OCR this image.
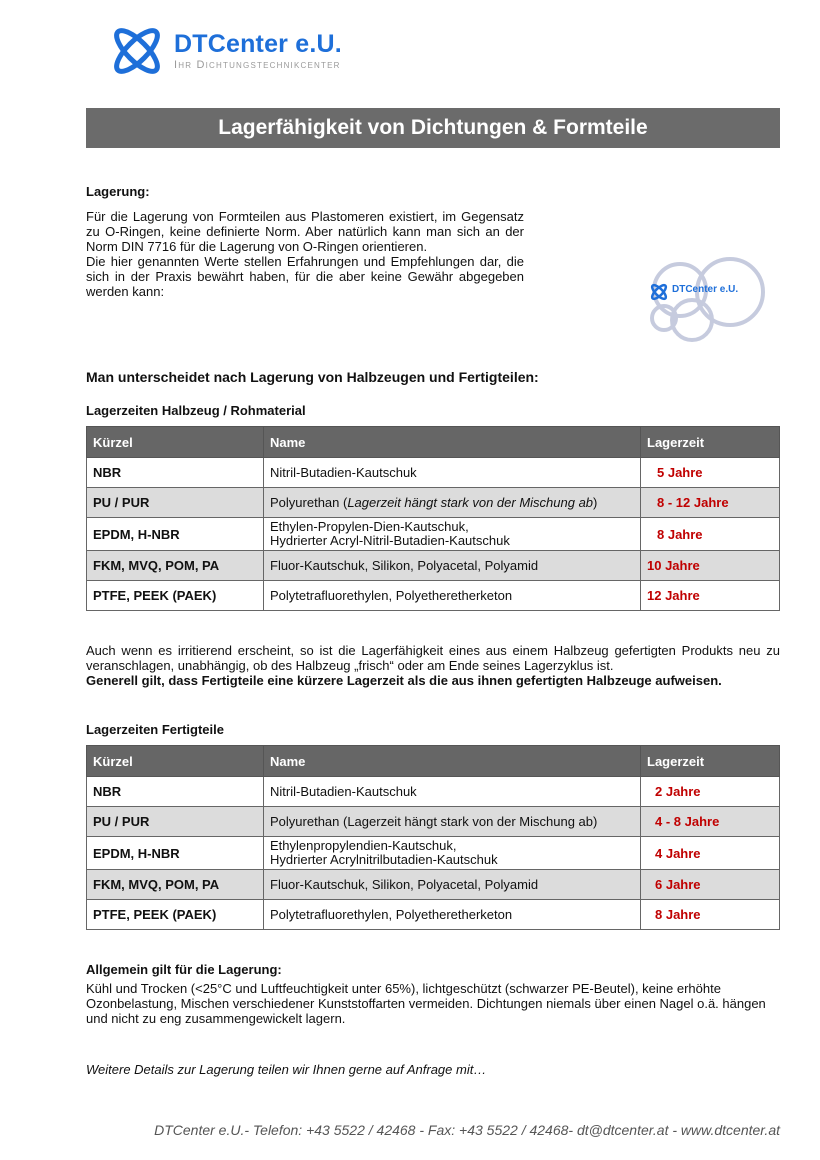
DTCenter e.U.
Ihr Dichtungstechnikcenter
Lagerfähigkeit von Dichtungen & Formteile
Lagerung:
Für die Lagerung von Formteilen aus Plastomeren existiert, im Gegensatz zu O-Ringen, keine definierte Norm. Aber natürlich kann man sich an der Norm DIN 7716 für die Lagerung von O-Ringen orientieren.
Die hier genannten Werte stellen Erfahrungen und Empfehlungen dar, die sich in der Praxis bewährt haben, für die aber keine Gewähr abgegeben werden kann:	DTCenter e.U.
Man unterscheidet nach Lagerung von Halbzeugen und Fertigteilen:
Lagerzeiten Halbzeug / Rohmaterial
Kürzel	Name	Lagerzeit
NBR	Nitril-Butadien-Kautschuk	5 Jahre
PU / PUR	Polyurethan (Lagerzeit hängt stark von der Mischung ab)	8 - 12 Jahre
EPDM, H-NBR	Ethylen-Propylen-Dien-Kautschuk,
Hydrierter Acryl-Nitril-Butadien-Kautschuk	8 Jahre
FKM, MVQ, POM, PA	Fluor-Kautschuk, Silikon, Polyacetal, Polyamid	10 Jahre
PTFE, PEEK (PAEK)	Polytetrafluorethylen, Polyetheretherketon	12 Jahre
Auch wenn es irritierend erscheint, so ist die Lagerfähigkeit eines aus einem Halbzeug gefertigten Produkts neu zu veranschlagen, unabhängig, ob des Halbzeug „frisch“ oder am Ende seines Lagerzyklus ist.
Generell gilt, dass Fertigteile eine kürzere Lagerzeit als die aus ihnen gefertigten Halbzeuge aufweisen.
Lagerzeiten Fertigteile
Kürzel	Name	Lagerzeit
NBR	Nitril-Butadien-Kautschuk	2 Jahre
PU / PUR	Polyurethan (Lagerzeit hängt stark von der Mischung ab)	4 - 8 Jahre
EPDM, H-NBR	Ethylenpropylendien-Kautschuk,
Hydrierter Acrylnitrilbutadien-Kautschuk	4 Jahre
FKM, MVQ, POM, PA	Fluor-Kautschuk, Silikon, Polyacetal, Polyamid	6 Jahre
PTFE, PEEK (PAEK)	Polytetrafluorethylen, Polyetheretherketon	8 Jahre
Allgemein gilt für die Lagerung:
Kühl und Trocken (<25°C und Luftfeuchtigkeit unter 65%), lichtgeschützt (schwarzer PE-Beutel), keine erhöhte Ozonbelastung, Mischen verschiedener Kunststoffarten vermeiden. Dichtungen niemals über einen Nagel o.ä. hängen und nicht zu eng zusammengewickelt lagern.
Weitere Details zur Lagerung teilen wir Ihnen gerne auf Anfrage mit…
DTCenter e.U.- Telefon: +43 5522 / 42468 - Fax: +43 5522 / 42468- dt@dtcenter.at - www.dtcenter.at
